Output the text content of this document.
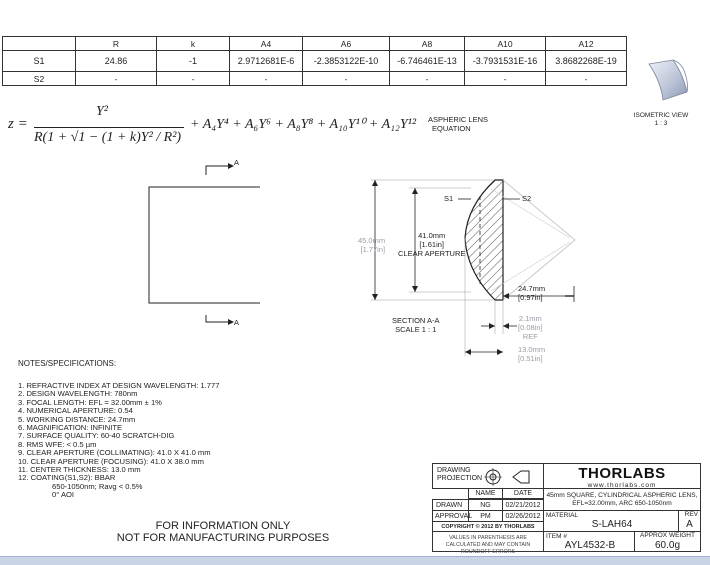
	R	k	A4	A6	A8	A10	A12
S1	24.86	-1	2.9712681E-6	-2.3853122E-10	-6.746461E-13	-3.7931531E-16	3.8682268E-19
S2	-	-	-	-	-	-	-
z =
Y²
R(1 + √1 − (1 + k)Y² / R²)
+ A₄Y⁴ + A₆Y⁶ + A₈Y⁸ + A₁₀Y¹⁰ + A₁₂Y¹² ASPHERIC LENS
EQUATION
ISOMETRIC VIEW
1 : 3
A
A
S1	S2
45.0mm
[1.77in]
41.0mm
[1.61in]
CLEAR APERTURE
24.7mm
[0.97in]
2.1mm
[0.08in]
REF
13.0mm
[0.51in]
SECTION A-A
SCALE 1 : 1
NOTES/SPECIFICATIONS:
1. REFRACTIVE INDEX AT DESIGN WAVELENGTH: 1.777
2. DESIGN WAVELENGTH: 780nm
3. FOCAL LENGTH: EFL = 32.00mm ± 1%
4. NUMERICAL APERTURE: 0.54
5. WORKING DISTANCE: 24.7mm
6. MAGNIFICATION: INFINITE
7. SURFACE QUALITY: 60-40 SCRATCH-DIG
8. RMS WFE: < 0.5 µm
9. CLEAR APERTURE (COLLIMATING): 41.0 X 41.0 mm
10. CLEAR APERTURE (FOCUSING): 41.0 X 38.0 mm
11. CENTER THICKNESS: 13.0 mm
12. COATING(S1,S2): BBAR
650-1050nm; Ravg < 0.5%
0° AOI
FOR INFORMATION ONLY
NOT FOR MANUFACTURING PURPOSES
DRAWING PROJECTION
NAME	DATE
DRAWN	NG	02/21/2012
APPROVAL	PM	02/26/2012
COPYRIGHT © 2012 BY THORLABS
VALUES IN PARENTHESIS ARE CALCULATED AND MAY CONTAIN ROUNDOFF ERRORS
THORLABS
www.thorlabs.com
45mm SQUARE, CYLINDRICAL ASPHERIC LENS, EFL=32.00mm, ARC 650-1050nm
MATERIAL
S-LAH64
REV
A
ITEM #
AYL4532-B
APPROX WEIGHT
60.0g
